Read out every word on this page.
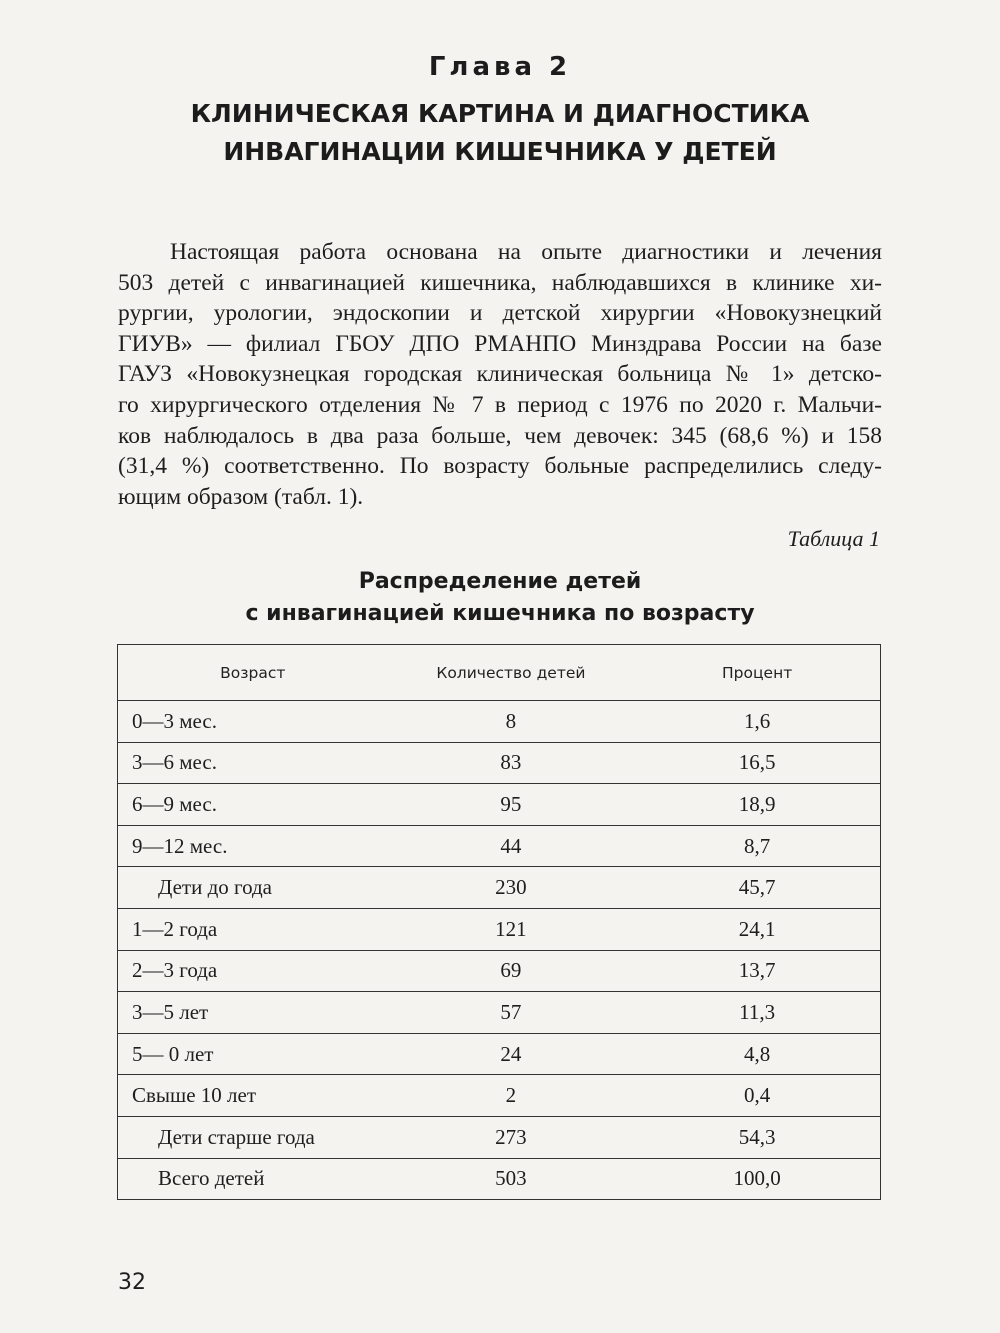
Глава 2
КЛИНИЧЕСКАЯ КАРТИНА И ДИАГНОСТИКА
ИНВАГИНАЦИИ КИШЕЧНИКА У ДЕТЕЙ
Настоящая работа основана на опыте диагностики и лечения
503 детей с инвагинацией кишечника, наблюдавшихся в клинике хи-
рургии, урологии, эндоскопии и детской хирургии «Новокузнецкий
ГИУВ» — филиал ГБОУ ДПО РМАНПО Минздрава России на базе
ГАУЗ «Новокузнецкая городская клиническая больница № 1» детско-
го хирургического отделения № 7 в период с 1976 по 2020 г. Мальчи-
ков наблюдалось в два раза больше, чем девочек: 345 (68,6 %) и 158
(31,4 %) соответственно. По возрасту больные распределились следу-
ющим образом (табл. 1).
Таблица 1
Распределение детей
с инвагинацией кишечника по возрасту
Возраст	Количество детей	Процент
0—3 мес.	8	1,6
3—6 мес.	83	16,5
6—9 мес.	95	18,9
9—12 мес.	44	8,7
Дети до года	230	45,7
1—2 года	121	24,1
2—3 года	69	13,7
3—5 лет	57	11,3
5— 0 лет	24	4,8
Свыше 10 лет	2	0,4
Дети старше года	273	54,3
Всего детей	503	100,0
32
